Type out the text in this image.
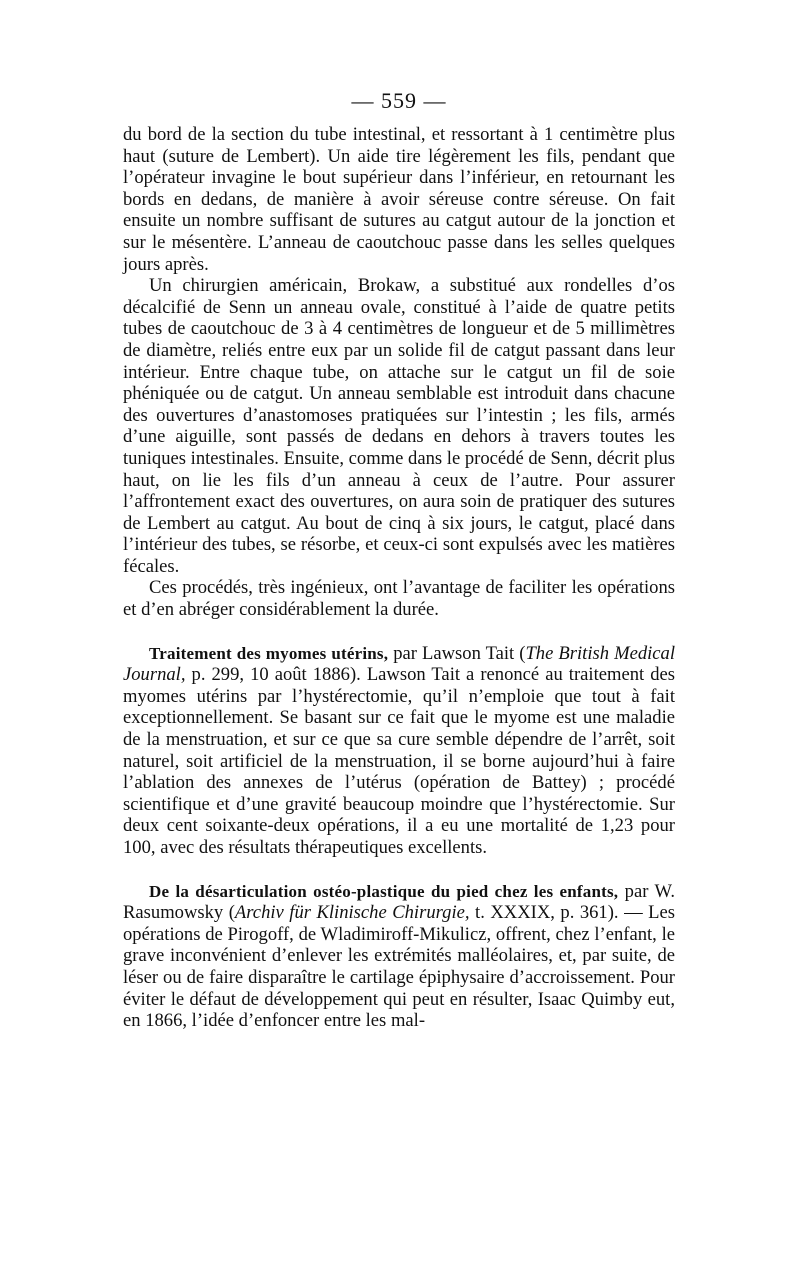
— 559 —

du bord de la section du tube intestinal, et ressortant à 1 centimètre plus haut (suture de Lembert). Un aide tire légèrement les fils, pendant que l’opérateur invagine le bout supérieur dans l’inférieur, en retournant les bords en dedans, de manière à avoir séreuse contre séreuse. On fait ensuite un nombre suffisant de sutures au catgut autour de la jonction et sur le mésentère. L’anneau de caoutchouc passe dans les selles quelques jours après.

Un chirurgien américain, Brokaw, a substitué aux rondelles d’os décalcifié de Senn un anneau ovale, constitué à l’aide de quatre petits tubes de caoutchouc de 3 à 4 centimètres de longueur et de 5 millimètres de diamètre, reliés entre eux par un solide fil de catgut passant dans leur intérieur. Entre chaque tube, on attache sur le catgut un fil de soie phéniquée ou de catgut. Un anneau semblable est introduit dans chacune des ouvertures d’anastomoses pratiquées sur l’intestin ; les fils, armés d’une aiguille, sont passés de dedans en dehors à travers toutes les tuniques intestinales. Ensuite, comme dans le procédé de Senn, décrit plus haut, on lie les fils d’un anneau à ceux de l’autre. Pour assurer l’affrontement exact des ouvertures, on aura soin de pratiquer des sutures de Lembert au catgut. Au bout de cinq à six jours, le catgut, placé dans l’intérieur des tubes, se résorbe, et ceux-ci sont expulsés avec les matières fécales.

Ces procédés, très ingénieux, ont l’avantage de faciliter les opérations et d’en abréger considérablement la durée.

Traitement des myomes utérins, par Lawson Tait (The British Medical Journal, p. 299, 10 août 1886). Lawson Tait a renoncé au traitement des myomes utérins par l’hystérectomie, qu’il n’emploie que tout à fait exceptionnellement. Se basant sur ce fait que le myome est une maladie de la menstruation, et sur ce que sa cure semble dépendre de l’arrêt, soit naturel, soit artificiel de la menstruation, il se borne aujourd’hui à faire l’ablation des annexes de l’utérus (opération de Battey) ; procédé scientifique et d’une gravité beaucoup moindre que l’hystérectomie. Sur deux cent soixante-deux opérations, il a eu une mortalité de 1,23 pour 100, avec des résultats thérapeutiques excellents.

De la désarticulation ostéo-plastique du pied chez les enfants, par W. Rasumowsky (Archiv für Klinische Chirurgie, t. XXXIX, p. 361). — Les opérations de Pirogoff, de Wladimiroff-Mikulicz, offrent, chez l’enfant, le grave inconvénient d’enlever les extrémités malléolaires, et, par suite, de léser ou de faire disparaître le cartilage épiphysaire d’accroissement. Pour éviter le défaut de développement qui peut en résulter, Isaac Quimby eut, en 1866, l’idée d’enfoncer entre les mal-
